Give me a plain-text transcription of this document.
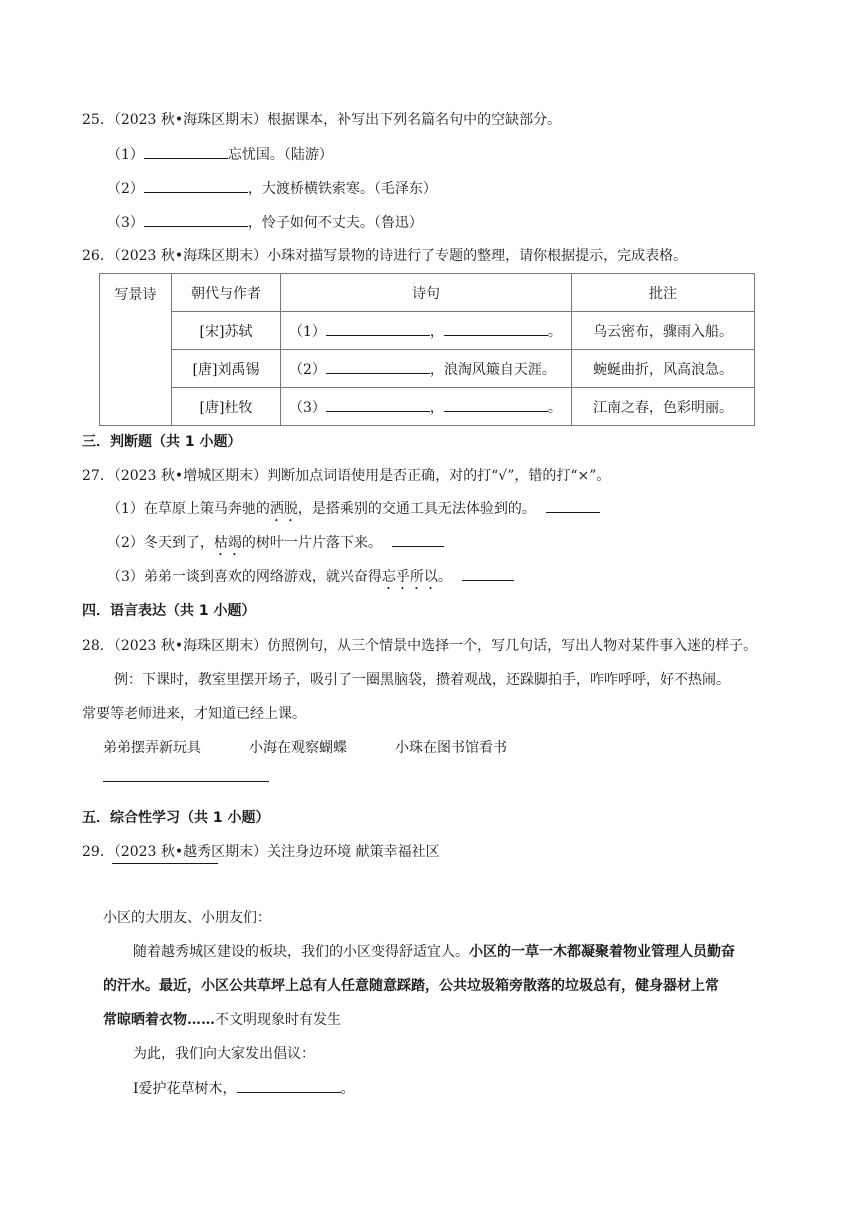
25．（2023 秋•海珠区期末）根据课本，补写出下列名篇名句中的空缺部分。
（1）	忘忧国。（陆游）
（2）	，大渡桥横铁索寒。（毛泽东）
（3）	，怜子如何不丈夫。（鲁迅）
26．（2023 秋•海珠区期末）小珠对描写景物的诗进行了专题的整理，请你根据提示，完成表格。
写景诗	朝代与作者	诗句	批注
	[宋]苏轼	（1） ， 。	乌云密布，骤雨入船。
	[唐]刘禹锡	（2） ，浪淘风簸自天涯。	蜿蜒曲折，风高浪急。
	[唐]杜牧	（3） ， 。	江南之春，色彩明丽。
三．判断题（共 1 小题）
27．（2023 秋•增城区期末）判断加点词语使用是否正确，对的打“√”，错的打“×”。
（1）在草原上策马奔驰的洒脱，是搭乘别的交通工具无法体验到的。
（2）冬天到了，枯竭的树叶一片片落下来。
（3）弟弟一谈到喜欢的网络游戏，就兴奋得忘乎所以。
四．语言表达（共 1 小题）
28．（2023 秋•海珠区期末）仿照例句，从三个情景中选择一个，写几句话，写出人物对某件事入迷的样子。
例：下课时，教室里摆开场子，吸引了一圈黑脑袋，攒着观战，还跺脚拍手，咋咋呼呼，好不热闹。
常要等老师进来，才知道已经上课。
弟弟摆弄新玩具	小海在观察蝴蝶	小珠在图书馆看书
五．综合性学习（共 1 小题）
29．（2023 秋•越秀区期末）关注身边环境 献策幸福社区
小区的大朋友、小朋友们：
随着越秀城区建设的板块，我们的小区变得舒适宜人。小区的一草一木都凝聚着物业管理人员勤奋
的汗水。最近，小区公共草坪上总有人任意随意踩踏，公共垃圾箱旁散落的垃圾总有，健身器材上常
常晾晒着衣物……不文明现象时有发生
为此，我们向大家发出倡议：
Ⅰ爱护花草树木，	。
